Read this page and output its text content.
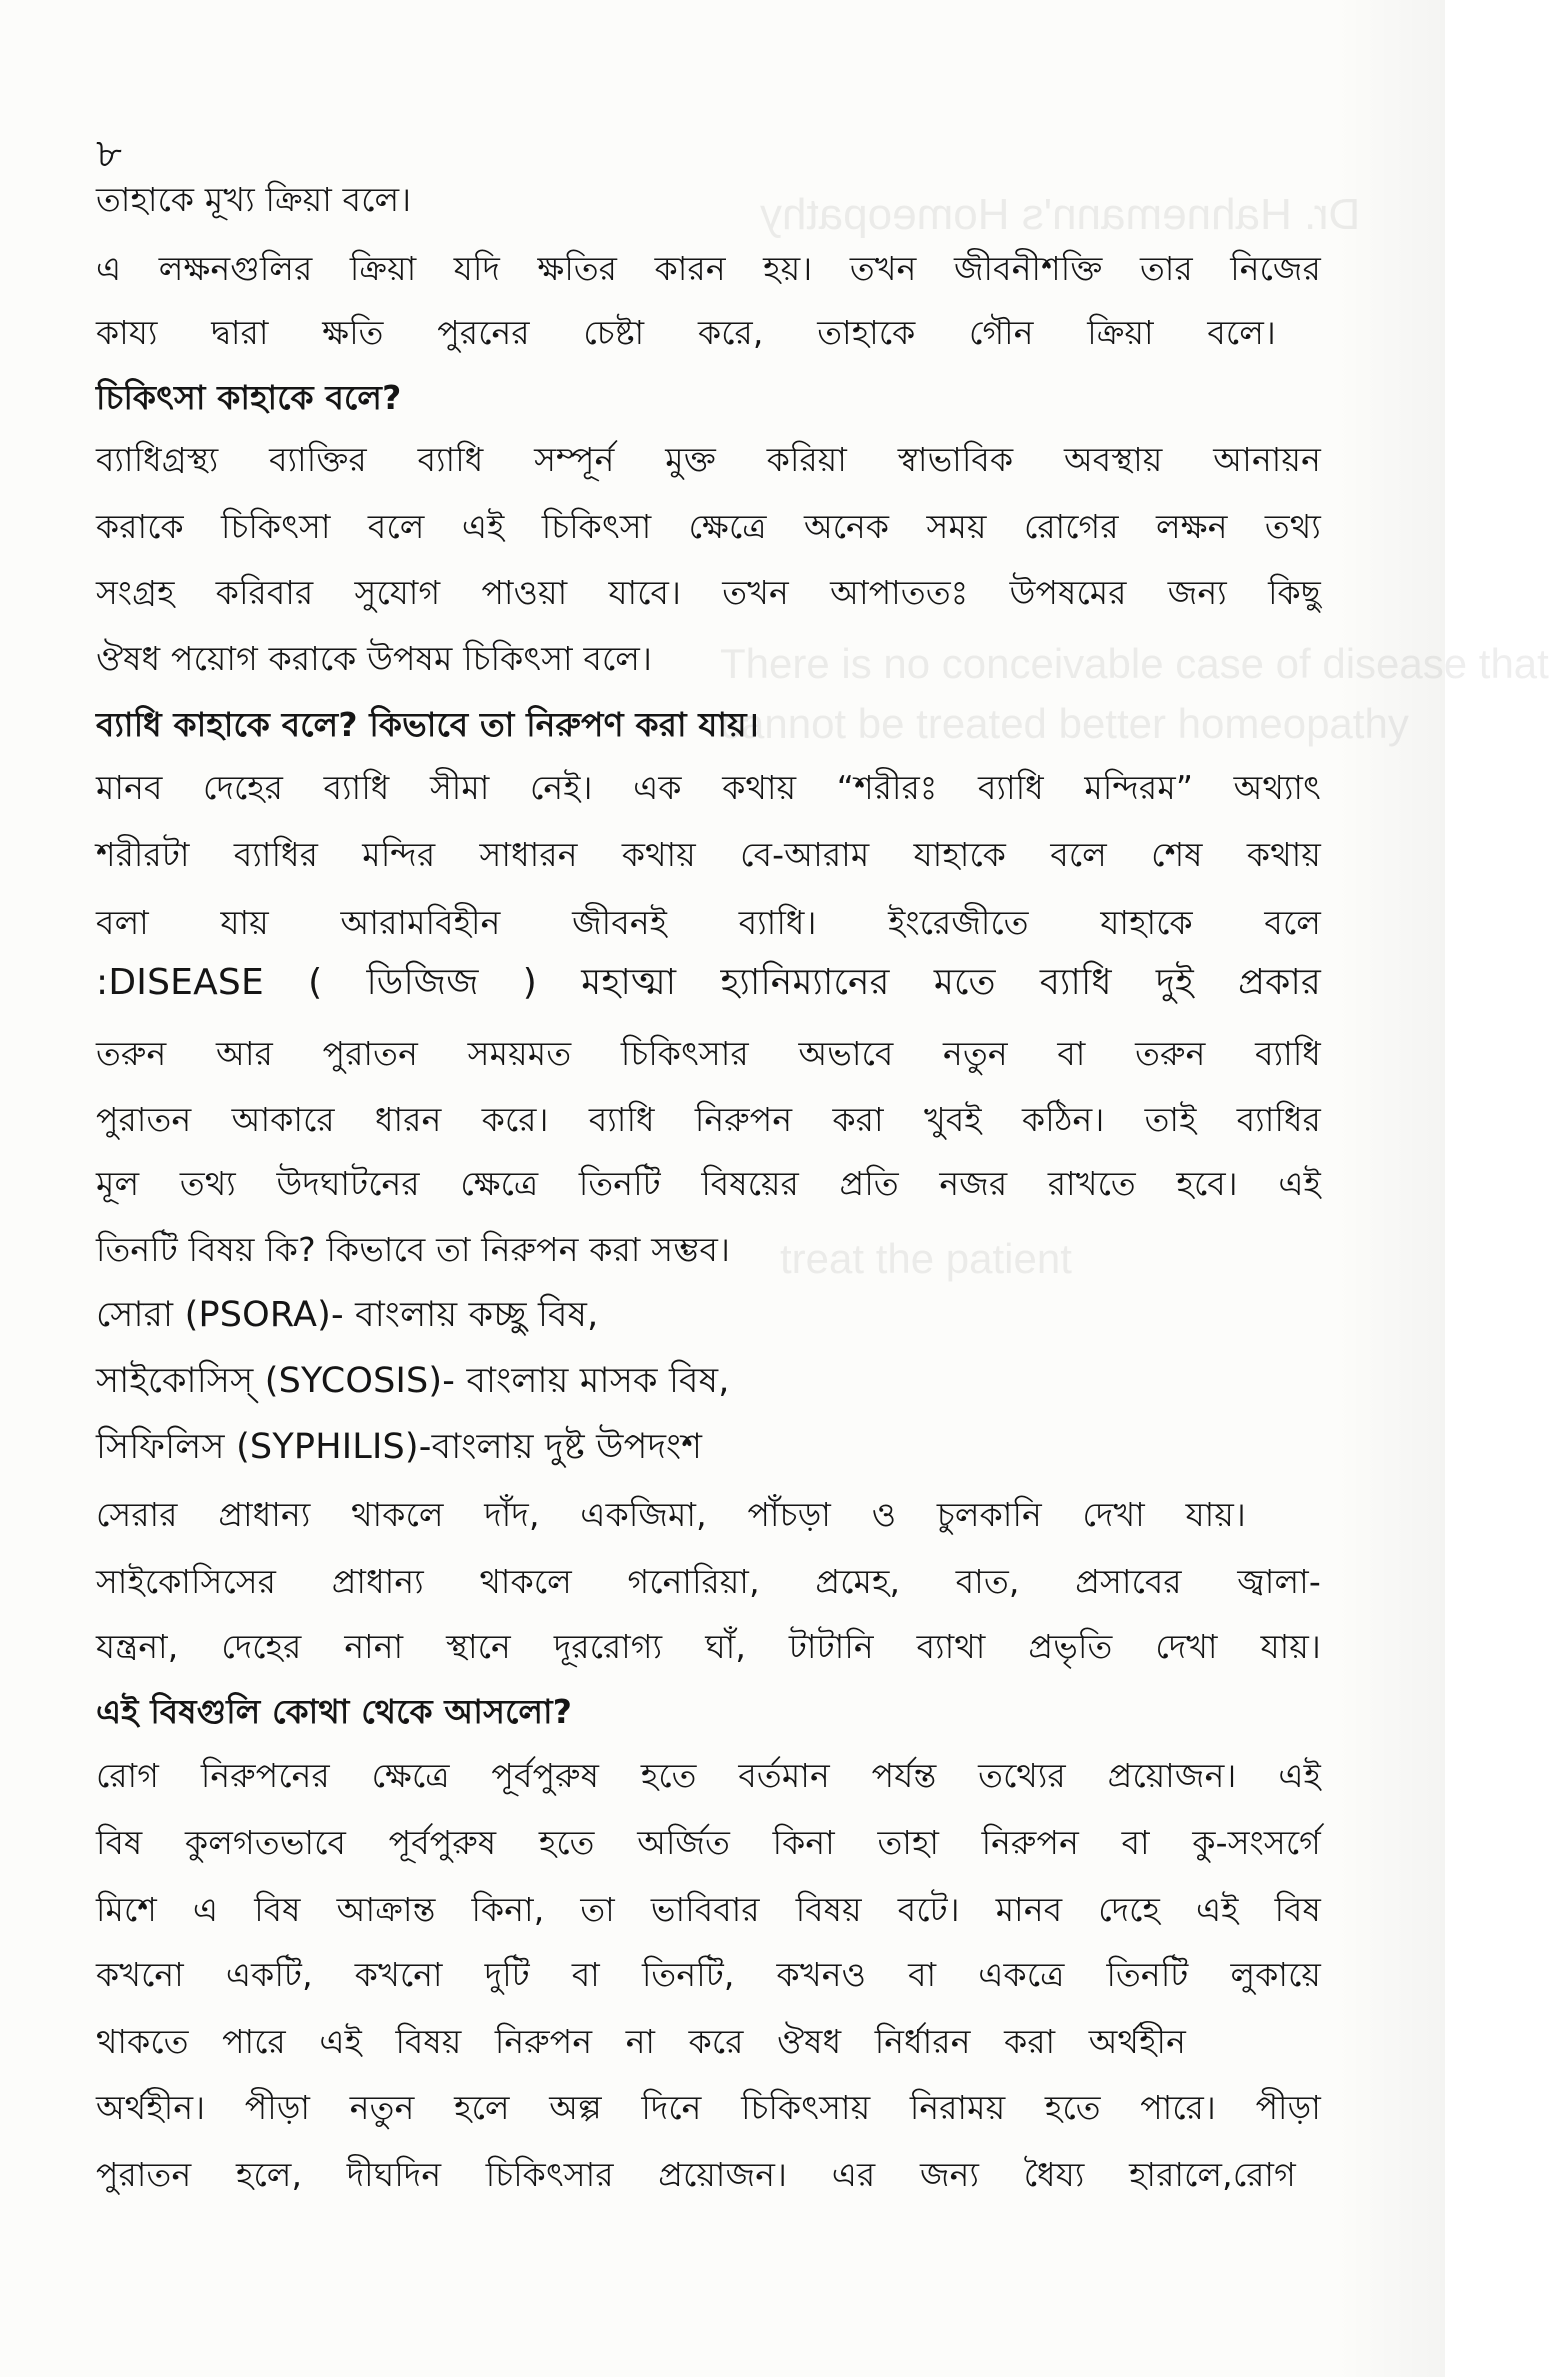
Dr. Hahnemann's Homeopathy
There is no conceivable case of disease that
cannot be treated better homeopathy
treat the patient
৮
তাহাকে মূখ্য ক্রিয়া বলে।
এ লক্ষনগুলির ক্রিয়া যদি ক্ষতির কারন হয়। তখন জীবনীশক্তি তার নিজের
কায্য দ্বারা ক্ষতি পুরনের চেষ্টা করে, তাহাকে গৌন ক্রিয়া বলে।
চিকিৎসা কাহাকে বলে?
ব্যাধিগ্রস্থ্য ব্যাক্তির ব্যাধি সম্পূর্ন মুক্ত করিয়া স্বাভাবিক অবস্থায় আনায়ন
করাকে চিকিৎসা বলে এই চিকিৎসা ক্ষেত্রে অনেক সময় রোগের লক্ষন তথ্য
সংগ্রহ করিবার সুযোগ পাওয়া যাবে। তখন আপাততঃ উপষমের জন্য কিছু
ঔষধ পয়োগ করাকে উপষম চিকিৎসা বলে।
ব্যাধি কাহাকে বলে? কিভাবে তা নিরুপণ করা যায়।
মানব দেহের ব্যাধি সীমা নেই। এক কথায় “শরীরঃ ব্যাধি মন্দিরম” অথ্যাৎ
শরীরটা ব্যাধির মন্দির সাধারন কথায় বে-আরাম যাহাকে বলে শেষ কথায়
বলা যায় আরামবিহীন জীবনই ব্যাধি। ইংরেজীতে যাহাকে বলে
:DISEASE ( ডিজিজ ) মহাত্মা হ্যানিম্যানের মতে ব্যাধি দুই প্রকার
তরুন আর পুরাতন সময়মত চিকিৎসার অভাবে নতুন বা তরুন ব্যাধি
পুরাতন আকারে ধারন করে। ব্যাধি নিরুপন করা খুবই কঠিন। তাই ব্যাধির
মূল তথ্য উদঘাটনের ক্ষেত্রে তিনটি বিষয়ের প্রতি নজর রাখতে হবে। এই
তিনটি বিষয় কি? কিভাবে তা নিরুপন করা সম্ভব।
সোরা (PSORA)- বাংলায় কচ্ছু বিষ,
সাইকোসিস্ (SYCOSIS)- বাংলায় মাসক বিষ,
সিফিলিস (SYPHILIS)-বাংলায় দুষ্ট উপদংশ
সেরার প্রাধান্য থাকলে দাঁদ, একজিমা, পাঁচড়া ও চুলকানি দেখা যায়।
সাইকোসিসের প্রাধান্য থাকলে গনোরিয়া, প্রমেহ, বাত, প্রসাবের জ্বালা-
যন্ত্রনা, দেহের নানা স্থানে দূররোগ্য ঘাঁ, টাটানি ব্যাথা প্রভৃতি দেখা যায়।
এই বিষগুলি কোথা থেকে আসলো?
রোগ নিরুপনের ক্ষেত্রে পূর্বপুরুষ হতে বর্তমান পর্যন্ত তথ্যের প্রয়োজন। এই
বিষ কুলগতভাবে পূর্বপুরুষ হতে অর্জিত কিনা তাহা নিরুপন বা কু-সংসর্গে
মিশে এ বিষ আক্রান্ত কিনা, তা ভাবিবার বিষয় বটে। মানব দেহে এই বিষ
কখনো একটি, কখনো দুটি বা তিনটি, কখনও বা একত্রে তিনটি লুকায়ে
থাকতে পারে এই বিষয় নিরুপন না করে ঔষধ নির্ধারন করা অর্থহীন
অর্থহীন। পীড়া নতুন হলে অল্প দিনে চিকিৎসায় নিরাময় হতে পারে। পীড়া
পুরাতন হলে, দীঘদিন চিকিৎসার প্রয়োজন। এর জন্য ধৈয্য হারালে,রোগ
